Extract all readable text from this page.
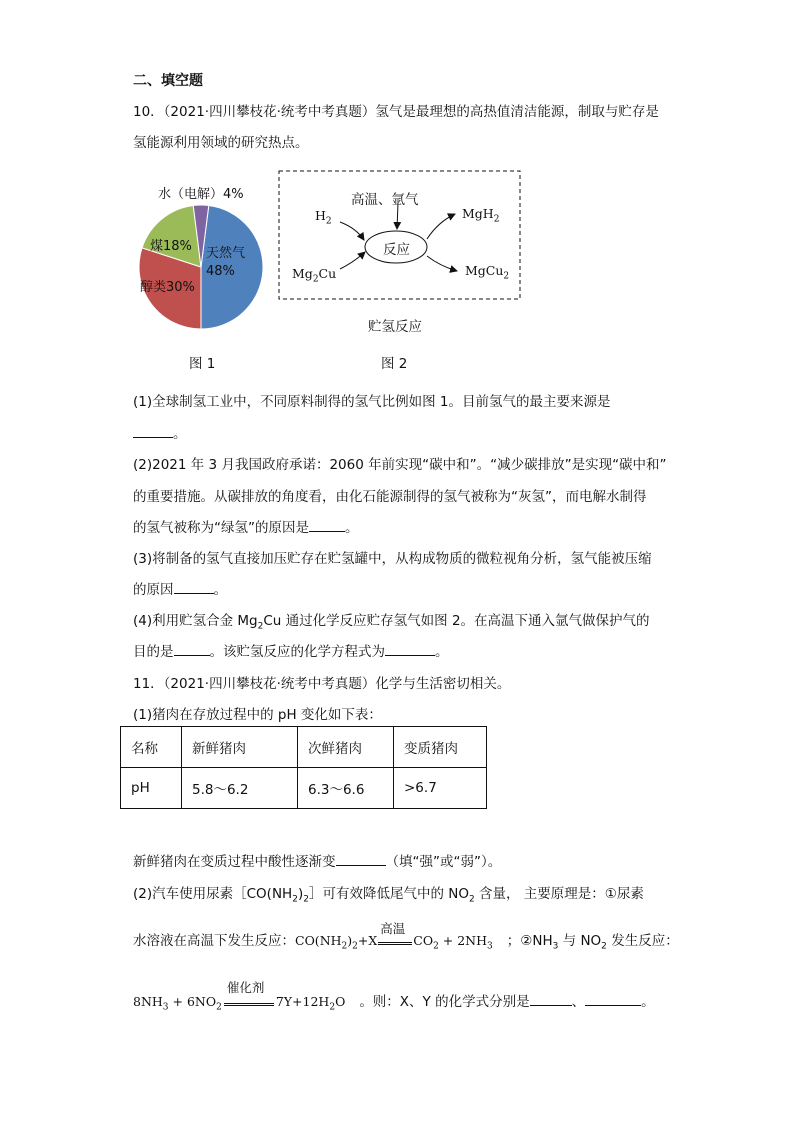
二、填空题
10．（2021·四川攀枝花·统考中考真题）氢气是最理想的高热值清洁能源，制取与贮存是
氢能源利用领域的研究热点。
水（电解）4%
天然气
48%
醇类30%
煤18%
图 1
高温、氩气
反应
$H_2$
$Mg_2Cu$
MgH$_2$
MgCu$_2$
贮氢反应
图 2
(1)全球制氢工业中，不同原料制得的氢气比例如图 1。目前氢气的最主要来源是
。
(2)2021 年 3 月我国政府承诺：2060 年前实现“碳中和”。“减少碳排放”是实现“碳中和”
的重要措施。从碳排放的角度看，由化石能源制得的氢气被称为“灰氢”，而电解水制得
的氢气被称为“绿氢”的原因是	。
(3)将制备的氢气直接加压贮存在贮氢罐中，从构成物质的微粒视角分析，氢气能被压缩
的原因	。
(4)利用贮氢合金 $Mg_2Cu$ 通过化学反应贮存氢气如图 2。在高温下通入氩气做保护气的
目的是	。该贮氢反应的化学方程式为	。
11．（2021·四川攀枝花·统考中考真题）化学与生活密切相关。
(1)猪肉在存放过程中的 pH 变化如下表：
名称	新鲜猪肉	次鲜猪肉	变质猪肉
pH	5.8～6.2	6.3～6.6	>6.7
新鲜猪肉在变质过程中酸性逐渐变	（填“强”或“弱”）。
(2)汽车使用尿素$[CO(NH_2)_2]$可有效降低尾气中的 $NO_2$ 含量， 主要原理是：①尿素
水溶液在高温下发生反应：$CO(NH_2)_2+X$
高温
$CO_2 + 2NH_3$ ；$②NH_3$ 与 $NO_2$ 发生反应：
$8NH_3 + 6NO_2$
催化剂
$7Y+12H_2O$ 。则：X、Y 的化学式分别是	、	。
